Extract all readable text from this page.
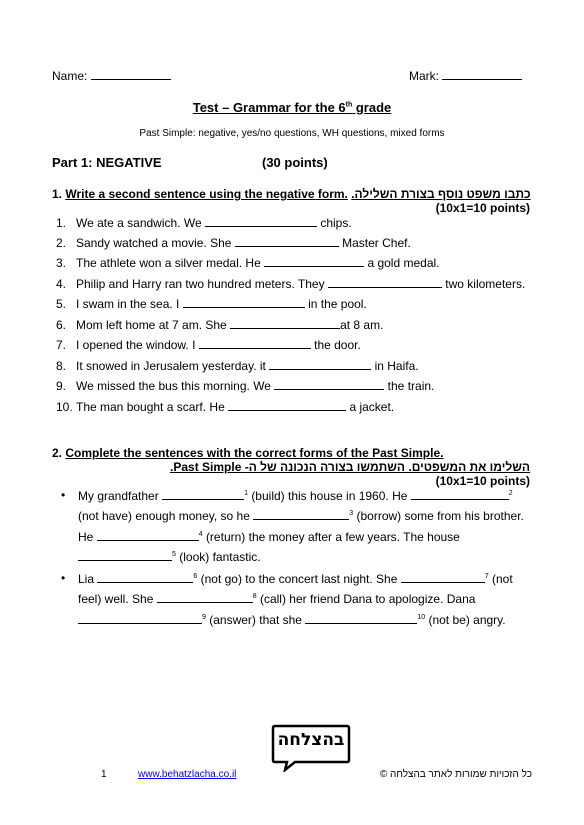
Name:	Mark:
Test – Grammar for the 6th grade
Past Simple: negative, yes/no questions, WH questions, mixed forms
Part 1: NEGATIVE	(30 points)
1. Write a second sentence using the negative form. כתבו משפט נוסף בצורת השלילה.
(10x1=10 points)
1. We ate a sandwich. We	chips.
2. Sandy watched a movie. She	Master Chef.
3. The athlete won a silver medal. He	a gold medal.
4. Philip and Harry ran two hundred meters. They	two kilometers.
5. I swam in the sea. I	in the pool.
6. Mom left home at 7 am. She	at 8 am.
7. I opened the window. I	the door.
8. It snowed in Jerusalem yesterday. it	in Haifa.
9. We missed the bus this morning. We	the train.
10. The man bought a scarf. He	a jacket.
2. Complete the sentences with the correct forms of the Past Simple.
השלימו את המשפטים. השתמשו בצורה הנכונה של ה- Past Simple.
(10x1=10 points)
• My grandfather	$^1$ (build) this house in 1960. He	$^2$
(not have) enough money, so he	$^3$ (borrow) some from his brother.
He	$^4$ (return) the money after a few years. The house
$^5$ (look) fantastic.
• Lia	$^6$ (not go) to the concert last night. She	$^7$ (not
feel) well. She	$^8$ (call) her friend Dana to apologize. Dana
$^9$ (answer) that she	$^{10}$ (not be) angry.
בהצלחה
1	www.behatzlacha.co.il	כל הזכויות שמורות לאתר בהצלחה ©
